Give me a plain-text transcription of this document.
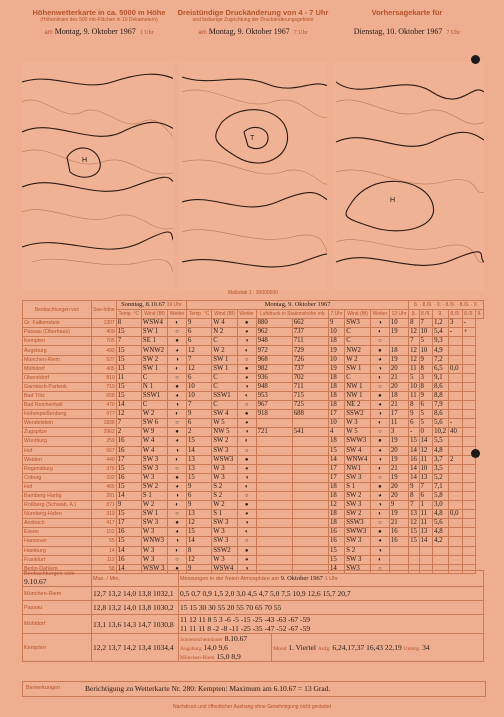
Höhenwetterkarte in ca. 5000 m Höhe
(Höhenlinien des 500 mb-Flächen in 10 Dekametern)
am Montag, 9. Oktober 1967 1 Uhr
Dreistündige Druckänderung von 4 - 7 Uhr
und bisherige Zugrichtung der Druckänderungsgebiete
am Montag, 9. Oktober 1967 7 Uhr
Vorhersagekarte für
Dienstag, 10. Oktober 1967 7 Uhr
H
T
H
Maßstab 1 : 30000000
Beobachtungen von	See-höhe	Sonntag, 8.10.67 19 Uhr			Montag, 9. Oktober 1967									8. · 8./9. · 9. · 8./9. · 8./9. · 9.					
		Temp. °C	Wind (Bf)	Wetter	Temp. °C	Wind (Bf)	Wetter	Luftdruck in Stationshöhe mb		7 Uhr	Wind (Bf)	Wetter	13 Uhr	8.	8./9.	9.	8./9.	8./9.	9.
Gr. Falkenstein	1307	8	WSW4	◐	9	W 4	●	880	662	9	SW3	◑	10	8	7	1,2	3	-	
Passau (Oberhaus)	409	15	SW 1	○	6	N 2	◕	962	737	10	C	◐	19	12	10	5,4	-	+	
Kempten	705	7	SE 1	●	6	C	◑	948	711	18	C	○		7	5	9,3			
Augsburg	492	15	WNW2	◕	12	W 2	◐	972	729	19	NW2	●	18	12	10	4,9			
München-Riem	527	15	SW 2	◑	7	SW 1	○	968	726	10	W 2	◕	19	12	9	7,2			
Mühldorf	405	13	SW 1	◐	12	SW 1	●	982	737	19	SW 1	◑	20	11	8	6,5	0,0		
Oberstdorf	810	11	C	○	6	C	◕	936	702	18	C	◐	21	5	3	9,1			
Garmisch-Partenk.	719	15	N 1	●	10	C	◑	948	711	18	NW 1	○	20	10	8	8,6			
Bad Tölz	658	15	SSW1	◕	10	SSW1	◐	953	715	18	NW 1	●	18	11	9	8,8			
Bad Reichenhall	470	14	C	◑	7	C	○	967	725	18	NE 2	◕	21	8	6	7,9			
Hohenpeißenberg	977	12	W 2	◐	9	SW 4	●	918	688	17	SSW2	◑	17	9	5	8,6			
Wendelstein	1838	7	SW 6	○	6	W 5	◕			10	W 3	◐	11	6	5	5,6	-		
Zugspitze	2962	2	W 9	●	2	NW 5	◑	721	541	4	W 5	○	3	-	0	10,2	40		
Würzburg	259	16	W 4	◕	15	SW 2	◐			18	SWW3	●	19	15	14	5,5			
Hof	567	16	W 4	◑	14	SW 3	○			15	SW 4	◕	20	14	12	4,8			
Weiden	440	17	SW 3	◐	13	WSW3	●			14	WNW4	◑	19	16	11	3,7	2		
Regensburg	376	15	SW 3	○	13	W 3	◕			17	NW1	◐	21	14	10	3,5			
Coburg	332	16	W 3	●	15	W 3	◑			17	SW 3	○	19	14	13	5,2			
Hof	465	15	SW 2	◕	9	S 2	◐			18	S 1	●	20	9	7	7,1			
Bamberg-Hartig	281	14	S 1	◑	6	S 2	○			18	SW 2	◕	20	8	6	5,8			
Roßberg (Schwäb. A.)	871	9	W 2	◐	9	W 2	●			12	SW 3	◑	9	7	1	3,0			
Nürnberg-Hafen	319	15	SW 1	○	13	S 1	◕			18	SW 2	◐	19	13	11	4,8	0,0		
Ansbach	417	17	SW 3	●	12	SW 3	◑			18	SSW3	○	21	12	11	5,6			
Essen	152	16	W 3	◕	15	W 3	◐			16	SWW3	●	16	15	13	4,8			
Hannover	55	15	WNW3	◑	14	SW 3	○			16	SW 3	◕	16	15	14	4,2			
Hamburg	14	14	W 3	◐	8	SSW2	●			15	S 2	◑							
Frankfurt	112	16	W 3	○	12	W 3	◕			15	SW 3	◐							
Berlin-Dahlem	58	14	WSW 3	●	9	WSW4	◑			14	SW3	○							
Beobachtungen vom
9.10.67	Max. / Min.	Messungen in der freien Atmosphäre am 9. Oktober 1967 1 Uhr	
München-Riem	12,7 13,2 14,0 13,8 1032,1	0,5 0,7 0,9 1,5 2,0 3,0 4,5 4,7 5,0 7,5 10,9 12,6 15,7 20,7	
Passau	12,8 13,2 14,0 13,8 1030,2	15 15 30 30 55 20 55 70 65 70 55	
Mühldorf	13,1 13,6 14,3 14,7 1030,8	11 12 11 8 5 3 -6 -5 -15 -25 -43 -63 -67 -59
11 11 11 8 -2 -8 -11 -25 -35 -47 -52 -67 -59	
Kempten	12,2 13,7 14,2 13,4 1034,4	Sonnenscheindauer 8.10.67
Augsburg 14,0 9,6
München-Riem 15,0 8,9	Mond 1. Viertel Aufg. 6,24,17,37 16,43 22,19 Unterg. 34
Bemerkungen	Berichtigung zu Wetterkarte Nr. 280: Kempten: Maximum am 6.10.67 = 13 Grad.
Nachdruck und öffentlicher Aushang ohne Genehmigung nicht gestattet
